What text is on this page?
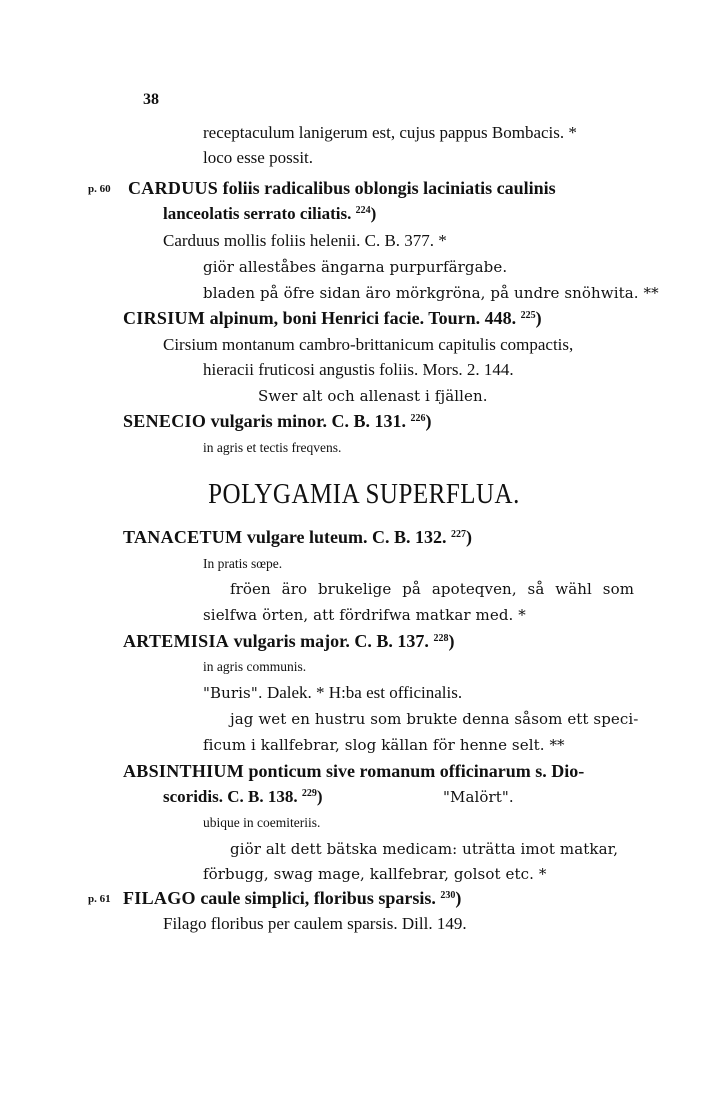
38
receptaculum lanigerum est, cujus pappus Bombacis. *
loco esse possit.
p. 60 CARDUUS foliis radicalibus oblongis laciniatis caulinis
lanceolatis serrato ciliatis. $^{224}$)
Carduus mollis foliis helenii. C. B. 377. *
giör alleståbes ängarna purpurfärgabe.
bladen på öfre sidan äro mörkgröna, på undre snöhwita. **
CIRSIUM alpinum, boni Henrici facie. Tourn. 448. $^{225}$)
Cirsium montanum cambro-brittanicum capitulis compactis,
hieracii fruticosi angustis foliis. Mors. 2. 144.
Swer alt och allenast i fjällen.
SENECIO vulgaris minor. C. B. 131. $^{226}$)
in agris et tectis freqvens.
POLYGAMIA SUPERFLUA.
TANACETUM vulgare luteum. C. B. 132. $^{227}$)
In pratis sœpe.
fröen äro brukelige på apoteqven, så wähl som
sielfwa örten, att fördrifwa matkar med. *
ARTEMISIA vulgaris major. C. B. 137. $^{228}$)
in agris communis.
"Buris". Dalek. * H:ba est officinalis.
jag wet en hustru som brukte denna såsom ett speci-
ficum i kallfebrar, slog källan för henne selt. **
ABSINTHIUM ponticum sive romanum officinarum s. Dio-
scoridis. C. B. 138. $^{229}$)	"Malört".
ubique in coemiteriis.
giör alt dett bätska medicam: uträtta imot matkar,
förbugg, swag mage, kallfebrar, golsot etc. *
p. 61 FILAGO caule simplici, floribus sparsis. $^{230}$)
Filago floribus per caulem sparsis. Dill. 149.
